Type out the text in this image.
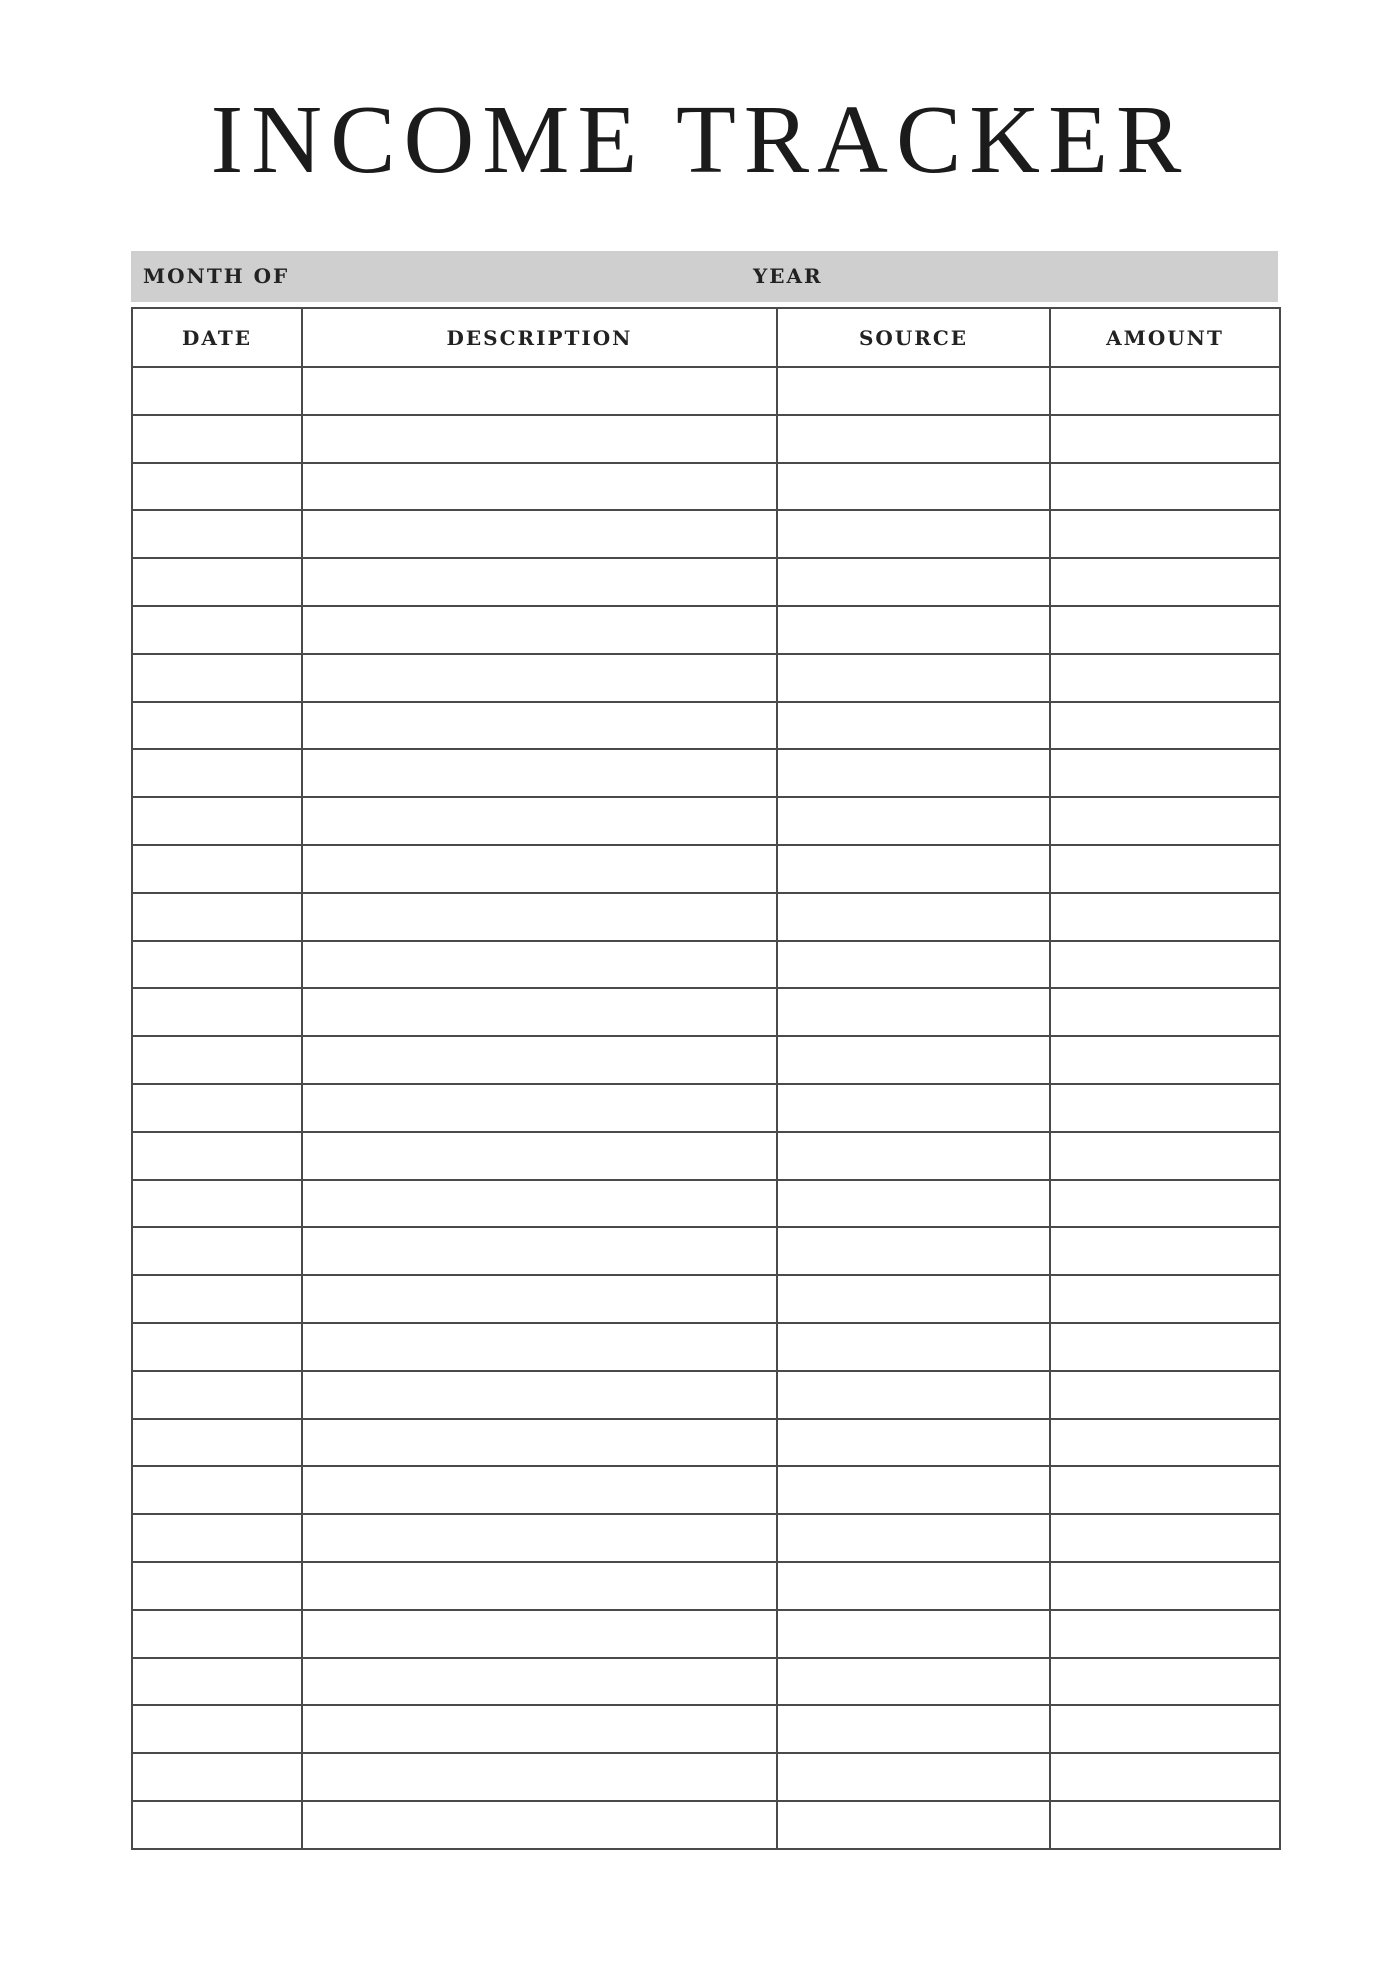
INCOME TRACKER
MONTH OF	YEAR
DATE	DESCRIPTION	SOURCE	AMOUNT
